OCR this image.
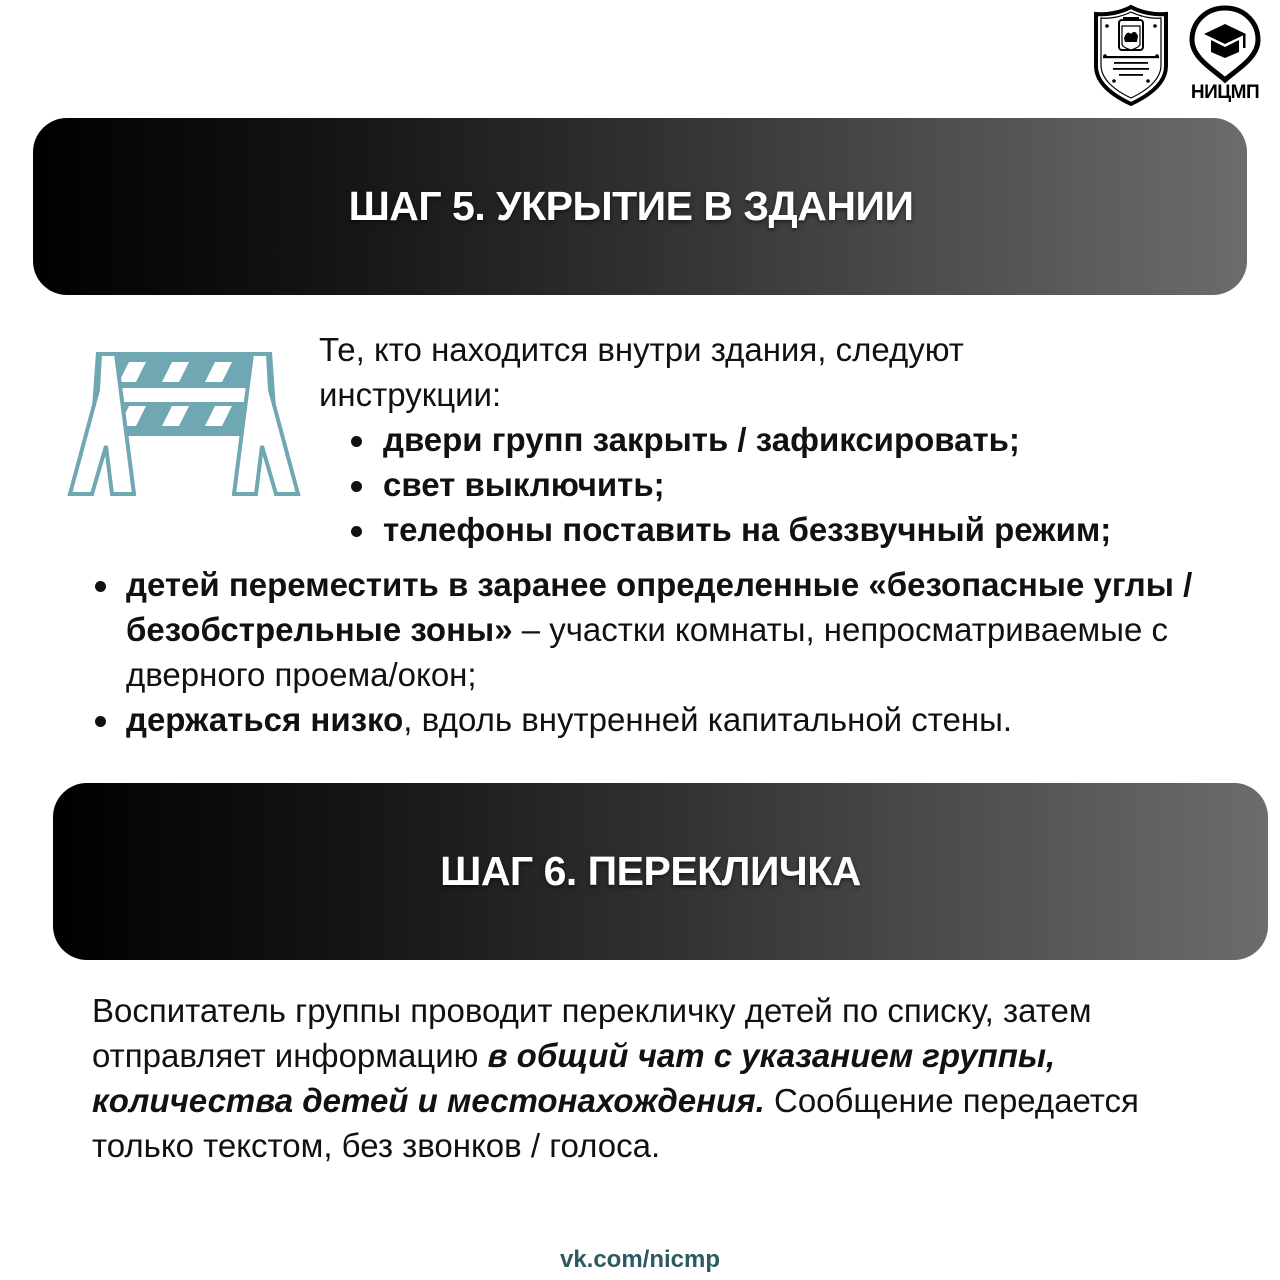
НИЦМП
ШАГ 5. УКРЫТИЕ В ЗДАНИИ
Те, кто находится внутри здания, следуют
инструкции:
двери групп закрыть / зафиксировать;
свет выключить;
телефоны поставить на беззвучный режим;
детей переместить в заранее определенные «безопасные углы / безобстрельные зоны» – участки комнаты, непросматриваемые с дверного проема/окон;
держаться низко, вдоль внутренней капитальной стены.
ШАГ 6. ПЕРЕКЛИЧКА
Воспитатель группы проводит перекличку детей по списку, затем отправляет информацию в общий чат с указанием группы, количества детей и местонахождения. Сообщение передается только текстом, без звонков / голоса.
vk.com/nicmp
